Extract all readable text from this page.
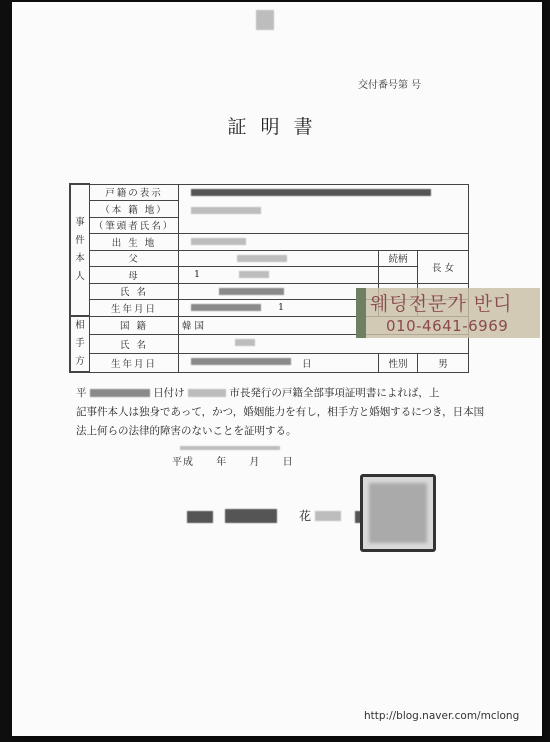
交付番号第 号
証明書
事
件
本
人	戸籍の表示			

	（本 籍 地）			
	（筆頭者氏名）			
	出 生 地			

	父		続柄	長 女
	母	1	

	氏 名	

	生年月日	1		

相
手
方	国 籍	韓 国		
	氏 名			

	生年月日	日	性別	男
웨딩전문가 반디
010-4641-6969
平	日付け	市長発行の戸籍全部事項証明書によれば，上
記事件本人は独身であって，かつ，婚姻能力を有し，相手方と婚姻するにつき，日本国
法上何らの法律的障害のないことを証明する。
平成 年 月 日
花
http://blog.naver.com/mclong
